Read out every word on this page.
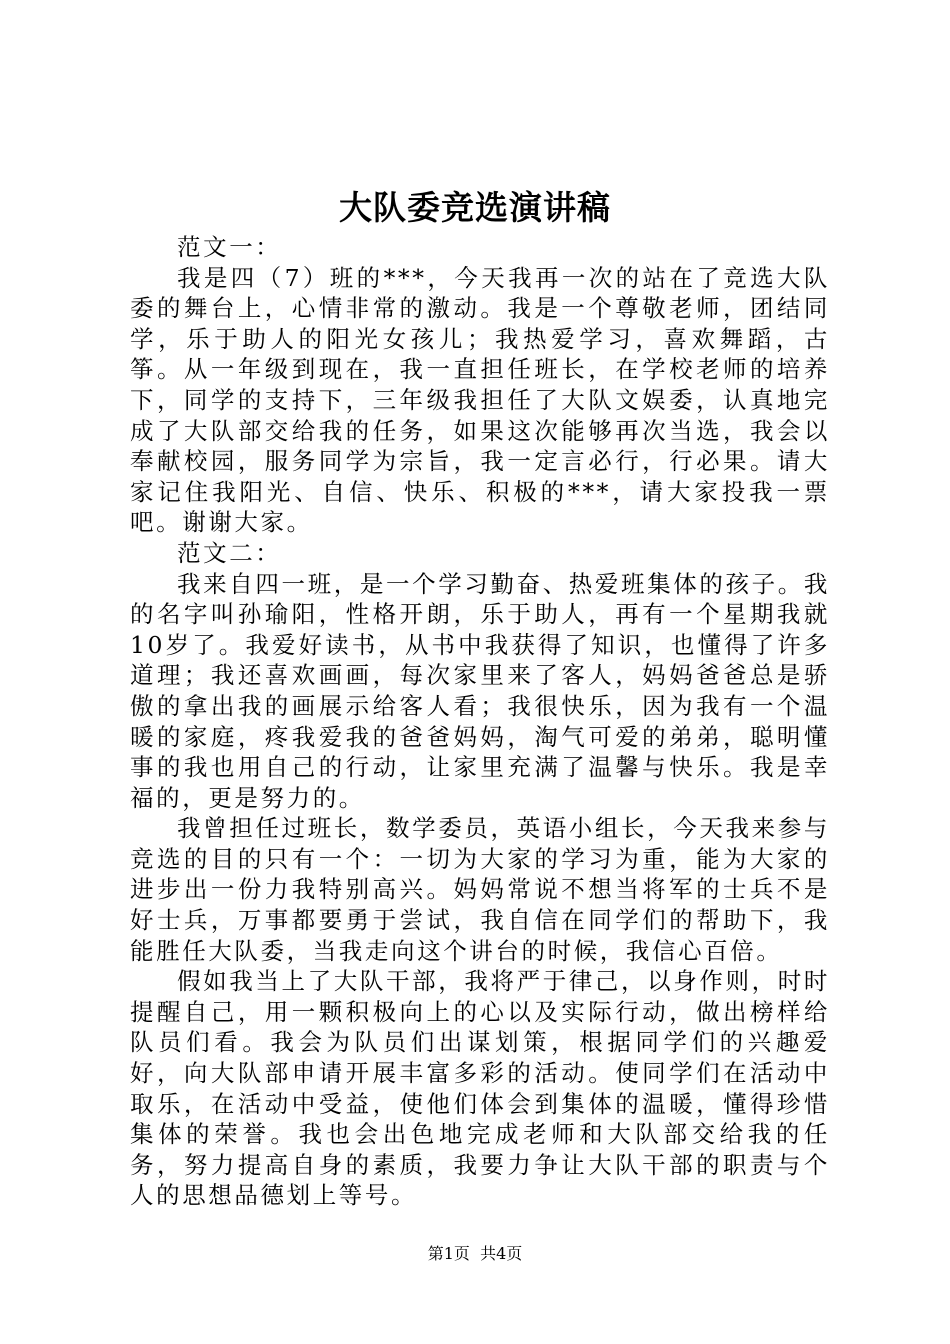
大队委竞选演讲稿

范文一：

我是四（7）班的***，今天我再一次的站在了竞选大队委的舞台上，心情非常的激动。我是一个尊敬老师，团结同学，乐于助人的阳光女孩儿；我热爱学习，喜欢舞蹈，古筝。从一年级到现在，我一直担任班长，在学校老师的培养下，同学的支持下，三年级我担任了大队文娱委，认真地完成了大队部交给我的任务，如果这次能够再次当选，我会以奉献校园，服务同学为宗旨，我一定言必行，行必果。请大家记住我阳光、自信、快乐、积极的***，请大家投我一票吧。谢谢大家。

范文二：

我来自四一班，是一个学习勤奋、热爱班集体的孩子。我的名字叫孙瑜阳，性格开朗，乐于助人，再有一个星期我就10岁了。我爱好读书，从书中我获得了知识，也懂得了许多道理；我还喜欢画画，每次家里来了客人，妈妈爸爸总是骄傲的拿出我的画展示给客人看；我很快乐，因为我有一个温暖的家庭，疼我爱我的爸爸妈妈，淘气可爱的弟弟，聪明懂事的我也用自己的行动，让家里充满了温馨与快乐。我是幸福的，更是努力的。

我曾担任过班长，数学委员，英语小组长，今天我来参与竞选的目的只有一个：一切为大家的学习为重，能为大家的进步出一份力我特别高兴。妈妈常说不想当将军的士兵不是好士兵，万事都要勇于尝试，我自信在同学们的帮助下，我能胜任大队委，当我走向这个讲台的时候，我信心百倍。

假如我当上了大队干部，我将严于律己，以身作则，时时提醒自己，用一颗积极向上的心以及实际行动，做出榜样给队员们看。我会为队员们出谋划策，根据同学们的兴趣爱好，向大队部申请开展丰富多彩的活动。使同学们在活动中取乐，在活动中受益，使他们体会到集体的温暖，懂得珍惜集体的荣誉。我也会出色地完成老师和大队部交给我的任务，努力提高自身的素质，我要力争让大队干部的职责与个人的思想品德划上等号。

第1页  共4页
